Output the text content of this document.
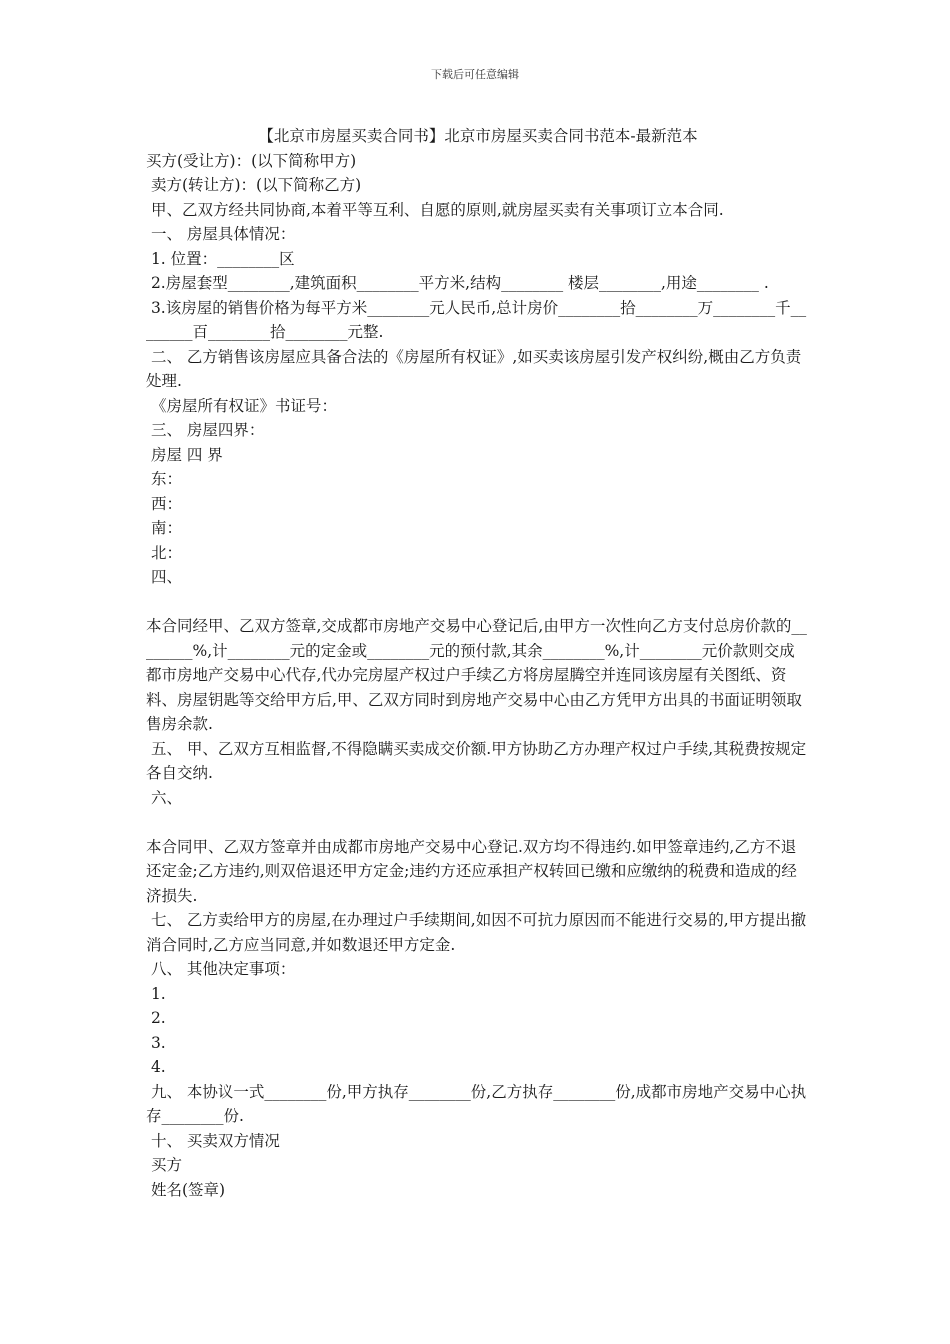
下载后可任意编辑
【北京市房屋买卖合同书】北京市房屋买卖合同书范本-最新范本
买方(受让方)：(以下简称甲方)
卖方(转让方)：(以下简称乙方)
甲、乙双方经共同协商,本着平等互利、自愿的原则,就房屋买卖有关事项订立本合同.
一、 房屋具体情况：
1. 位置：________区
2.房屋套型________,建筑面积________平方米,结构________ 楼层________,用途________ .
3.该房屋的销售价格为每平方米________元人民币,总计房价________拾________万________千________百________拾________元整.
二、 乙方销售该房屋应具备合法的《房屋所有权证》,如买卖该房屋引发产权纠纷,概由乙方负责处理.
《房屋所有权证》书证号：
三、 房屋四界：
房屋 四 界
东：
西：
南：
北：
四、
本合同经甲、乙双方签章,交成都市房地产交易中心登记后,由甲方一次性向乙方支付总房价款的________%,计________元的定金或________元的预付款,其余________%,计________元价款则交成都市房地产交易中心代存,代办完房屋产权过户手续乙方将房屋腾空并连同该房屋有关图纸、资料、房屋钥匙等交给甲方后,甲、乙双方同时到房地产交易中心由乙方凭甲方出具的书面证明领取售房余款.
五、 甲、乙双方互相监督,不得隐瞒买卖成交价额.甲方协助乙方办理产权过户手续,其税费按规定各自交纳.
六、
本合同甲、乙双方签章并由成都市房地产交易中心登记.双方均不得违约.如甲签章违约,乙方不退还定金;乙方违约,则双倍退还甲方定金;违约方还应承担产权转回已缴和应缴纳的税费和造成的经济损失.
七、 乙方卖给甲方的房屋,在办理过户手续期间,如因不可抗力原因而不能进行交易的,甲方提出撤消合同时,乙方应当同意,并如数退还甲方定金.
八、 其他决定事项：
1.
2.
3.
4.
九、 本协议一式________份,甲方执存________份,乙方执存________份,成都市房地产交易中心执存________份.
十、 买卖双方情况
买方
姓名(签章)
